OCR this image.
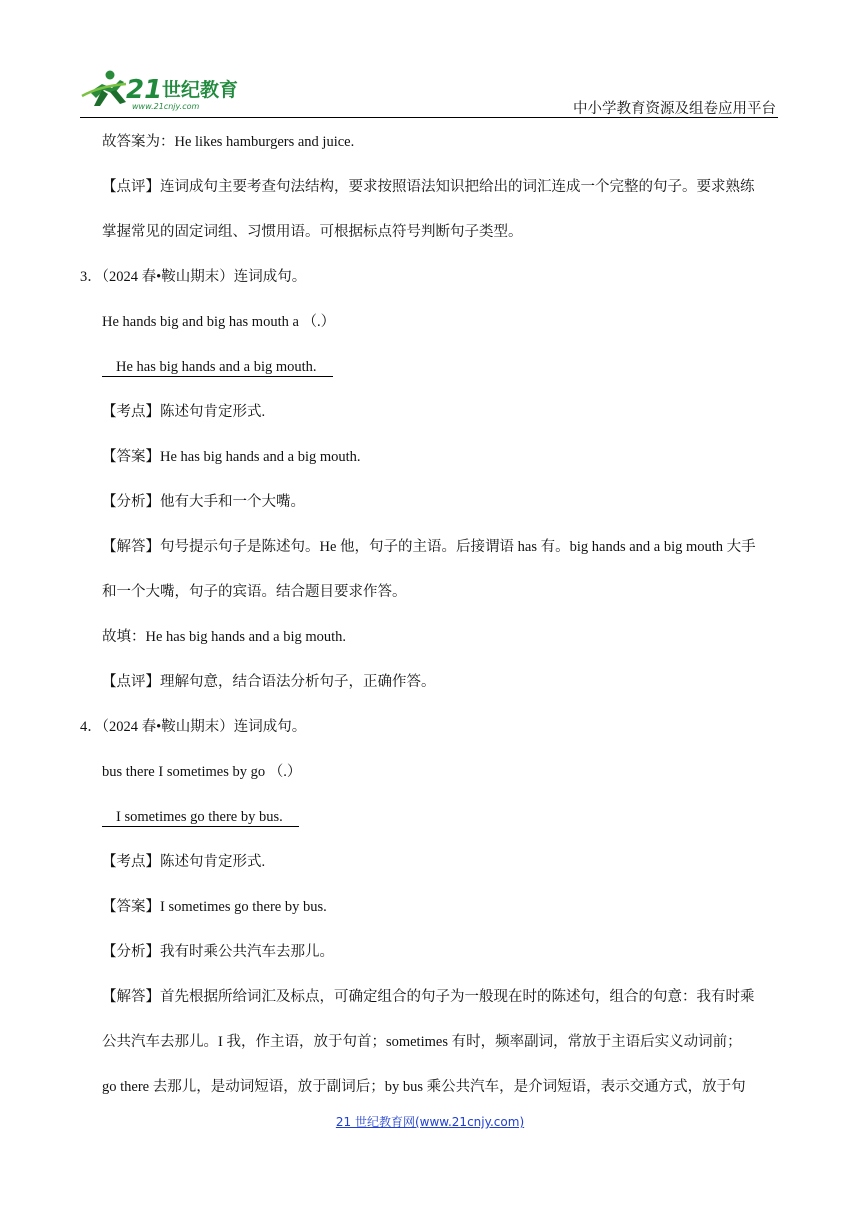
21 世纪教育
www.21cnjy.com	中小学教育资源及组卷应用平台
故答案为：He likes hamburgers and juice.
【点评】连词成句主要考查句法结构，要求按照语法知识把给出的词汇连成一个完整的句子。要求熟练
掌握常见的固定词组、习惯用语。可根据标点符号判断句子类型。
3．（2024 春•鞍山期末）连词成句。
He hands big and big has mouth a （.）
He has big hands and a big mouth.
【考点】陈述句肯定形式.
【答案】He has big hands and a big mouth.
【分析】他有大手和一个大嘴。
【解答】句号提示句子是陈述句。He 他，句子的主语。后接谓语 has 有。big hands and a big mouth 大手
和一个大嘴，句子的宾语。结合题目要求作答。
故填：He has big hands and a big mouth.
【点评】理解句意，结合语法分析句子，正确作答。
4．（2024 春•鞍山期末）连词成句。
bus there I sometimes by go （.）
I sometimes go there by bus.
【考点】陈述句肯定形式.
【答案】I sometimes go there by bus.
【分析】我有时乘公共汽车去那儿。
【解答】首先根据所给词汇及标点，可确定组合的句子为一般现在时的陈述句，组合的句意：我有时乘
公共汽车去那儿。I 我，作主语，放于句首；sometimes 有时，频率副词，常放于主语后实义动词前；
go there 去那儿，是动词短语，放于副词后；by bus 乘公共汽车，是介词短语，表示交通方式，放于句
21 世纪教育网(www.21cnjy.com)
